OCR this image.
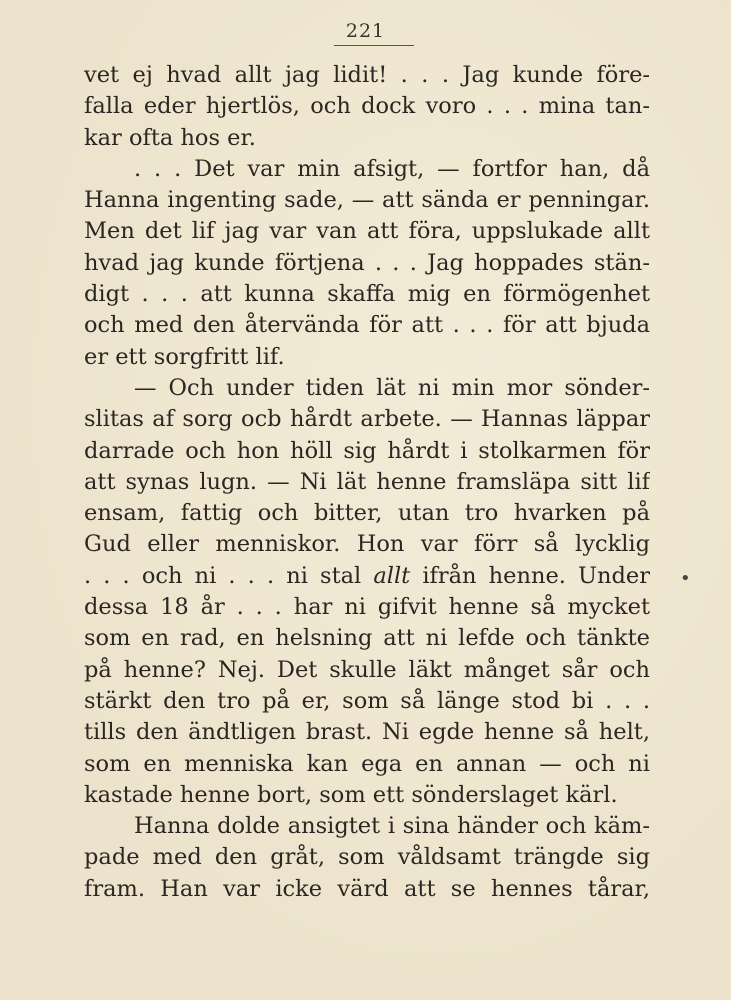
221
vet ej hvad allt jag lidit! . . . Jag kunde före-
falla eder hjertlös, och dock voro . . . mina tan-
kar ofta hos er.
. . . Det var min afsigt, — fortfor han, då
Hanna ingenting sade, — att sända er penningar.
Men det lif jag var van att föra, uppslukade allt
hvad jag kunde förtjena . . . Jag hoppades stän-
digt . . . att kunna skaffa mig en förmögenhet
och med den återvända för att . . . för att bjuda
er ett sorgfritt lif.
— Och under tiden lät ni min mor sönder-
slitas af sorg ocb hårdt arbete. — Hannas läppar
darrade och hon höll sig hårdt i stolkarmen för
att synas lugn. — Ni lät henne framsläpa sitt lif
ensam, fattig och bitter, utan tro hvarken på
Gud eller menniskor. Hon var förr så lycklig
. . . och ni . . . ni stal allt ifrån henne. Under
dessa 18 år . . . har ni gifvit henne så mycket
som en rad, en helsning att ni lefde och tänkte
på henne? Nej. Det skulle läkt månget sår och
stärkt den tro på er, som så länge stod bi . . .
tills den ändtligen brast. Ni egde henne så helt,
som en menniska kan ega en annan — och ni
kastade henne bort, som ett sönderslaget kärl.
Hanna dolde ansigtet i sina händer och käm-
pade med den gråt, som våldsamt trängde sig
fram. Han var icke värd att se hennes tårar,
•
